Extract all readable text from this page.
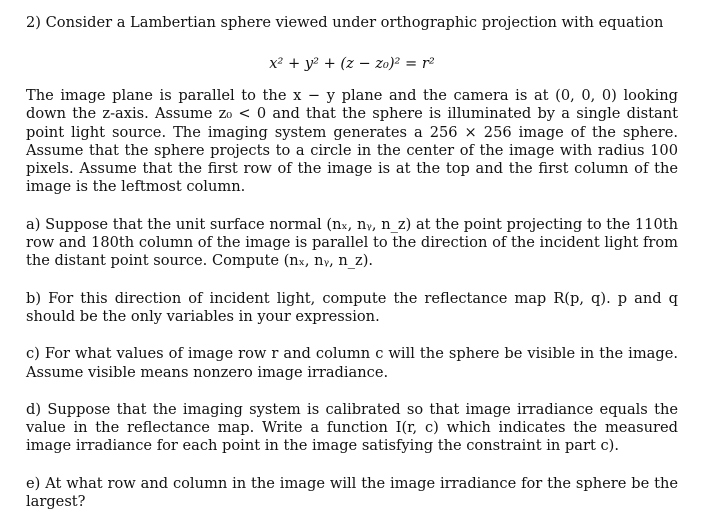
2) Consider a Lambertian sphere viewed under orthographic projection with equation

x² + y² + (z − z₀)² = r²

The image plane is parallel to the x − y plane and the camera is at (0, 0, 0) looking down the z-axis. Assume z₀ < 0 and that the sphere is illuminated by a single distant point light source. The imaging system generates a 256 × 256 image of the sphere. Assume that the sphere projects to a circle in the center of the image with radius 100 pixels. Assume that the first row of the image is at the top and the first column of the image is the leftmost column.

a) Suppose that the unit surface normal (nₓ, nᵧ, n_z) at the point projecting to the 110th row and 180th column of the image is parallel to the direction of the incident light from the distant point source. Compute (nₓ, nᵧ, n_z).

b) For this direction of incident light, compute the reflectance map R(p, q). p and q should be the only variables in your expression.

c) For what values of image row r and column c will the sphere be visible in the image. Assume visible means nonzero image irradiance.

d) Suppose that the imaging system is calibrated so that image irradiance equals the value in the reflectance map. Write a function I(r, c) which indicates the measured image irradiance for each point in the image satisfying the constraint in part c).

e) At what row and column in the image will the image irradiance for the sphere be the largest?
